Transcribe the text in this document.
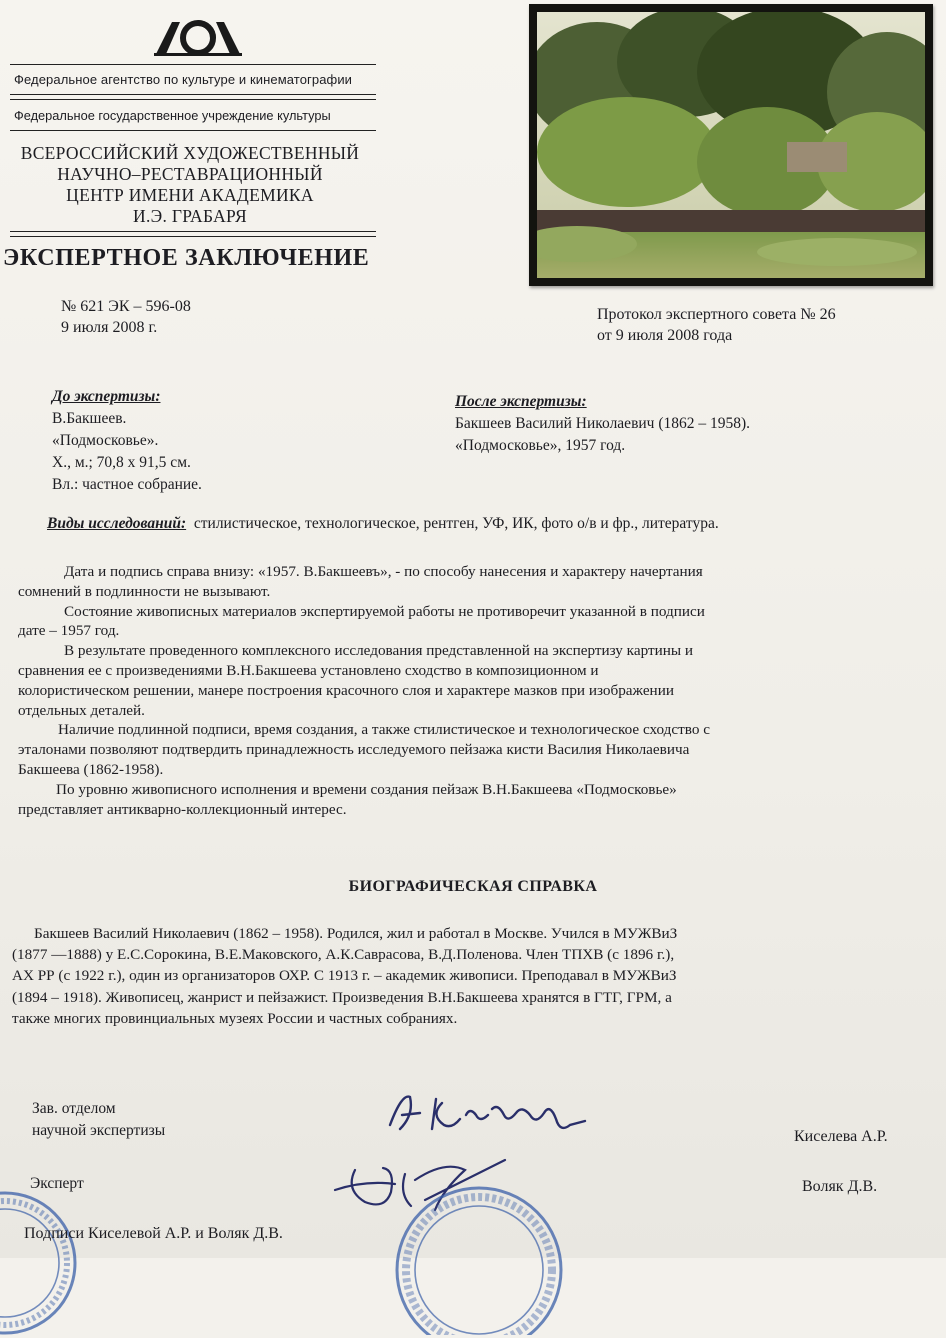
Федеральное агентство по культуре и кинематографии
Федеральное государственное учреждение культуры
ВСЕРОССИЙСКИЙ ХУДОЖЕСТВЕННЫЙ
НАУЧНО–РЕСТАВРАЦИОННЫЙ
ЦЕНТР ИМЕНИ АКАДЕМИКА
И.Э. ГРАБАРЯ
ЭКСПЕРТНОЕ ЗАКЛЮЧЕНИЕ
№ 621 ЭК – 596-08
9 июля 2008 г.
Протокол экспертного совета № 26
от 9 июля 2008 года
До экспертизы:
В.Бакшеев.
«Подмосковье».
Х., м.; 70,8 х 91,5 см.
Вл.: частное собрание.
После экспертизы:
Бакшеев Василий Николаевич (1862 – 1958).
«Подмосковье», 1957 год.
Виды исследований: стилистическое, технологическое, рентген, УФ, ИК, фото о/в и фр., литература.
Дата и подпись справа внизу: «1957. В.Бакшеевъ», - по способу нанесения и характеру начертания
сомнений в подлинности не вызывают.
Состояние живописных материалов экспертируемой работы не противоречит указанной в подписи
дате – 1957 год.
В результате проведенного комплексного исследования представленной на экспертизу картины и
сравнения ее с произведениями В.Н.Бакшеева установлено сходство в композиционном и
колористическом решении, манере построения красочного слоя и характере мазков при изображении
отдельных деталей.
Наличие подлинной подписи, время создания, а также стилистическое и технологическое сходство с
эталонами позволяют подтвердить принадлежность исследуемого пейзажа кисти Василия Николаевича
Бакшеева (1862-1958).
По уровню живописного исполнения и времени создания пейзаж В.Н.Бакшеева «Подмосковье»
представляет антикварно-коллекционный интерес.
БИОГРАФИЧЕСКАЯ СПРАВКА
Бакшеев Василий Николаевич (1862 – 1958). Родился, жил и работал в Москве. Учился в МУЖВиЗ
(1877 —1888) у Е.С.Сорокина, В.Е.Маковского, А.К.Саврасова, В.Д.Поленова. Член ТПХВ (с 1896 г.),
АХ РР (с 1922 г.), один из организаторов ОХР. С 1913 г. – академик живописи. Преподавал в МУЖВиЗ
(1894 – 1918). Живописец, жанрист и пейзажист. Произведения В.Н.Бакшеева хранятся в ГТГ, ГРМ, а
также многих провинциальных музеях России и частных собраниях.
Зав. отделом
научной экспертизы
Эксперт
Киселева А.Р.
Воляк Д.В.
Подписи Киселевой А.Р. и Воляк Д.В.
